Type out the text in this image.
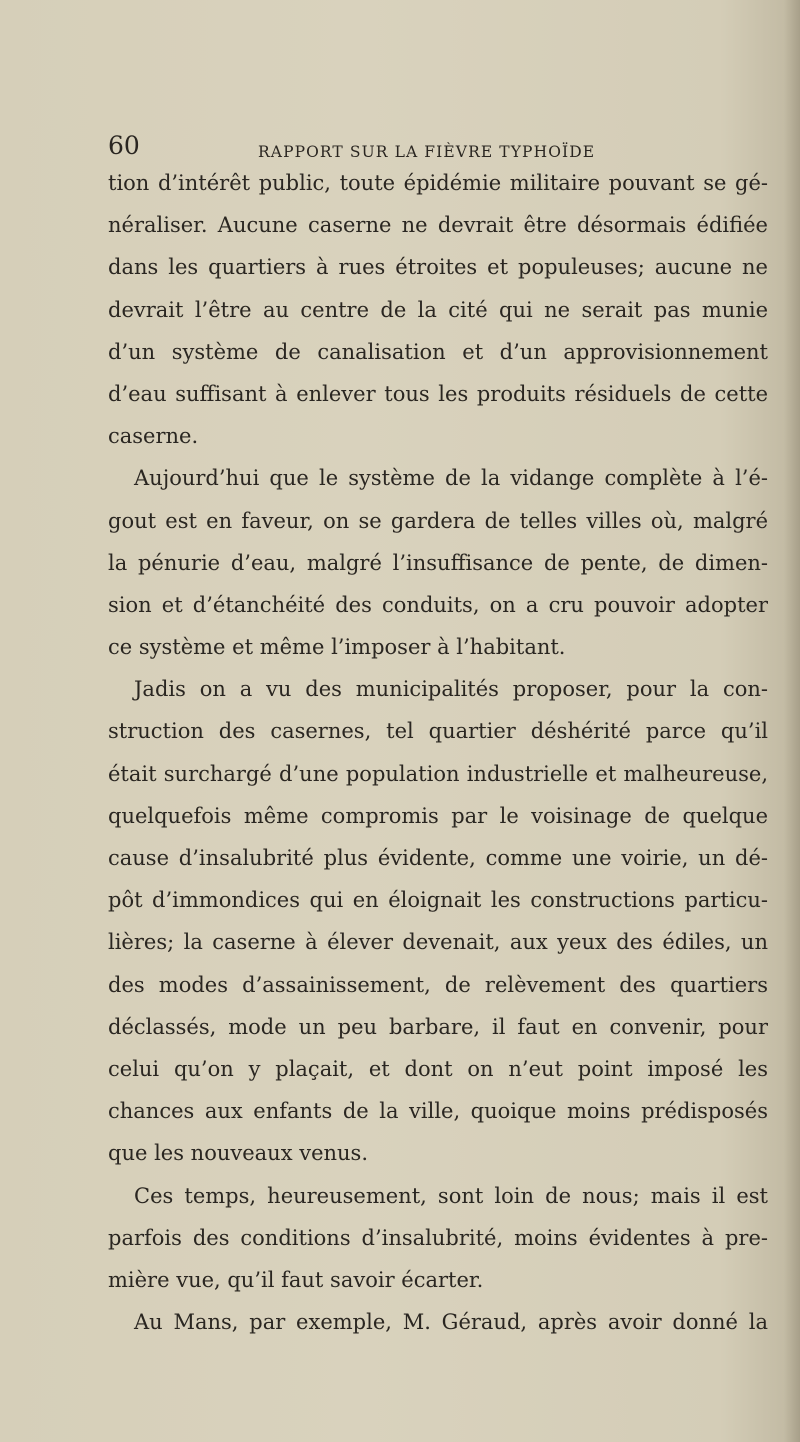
60	RAPPORT SUR LA FIÈVRE TYPHOÏDE
tion d’intérêt public, toute épidémie militaire pouvant se gé-
néraliser. Aucune caserne ne devrait être désormais édifiée
dans les quartiers à rues étroites et populeuses; aucune ne
devrait l’être au centre de la cité qui ne serait pas munie
d’un système de canalisation et d’un approvisionnement
d’eau suffisant à enlever tous les produits résiduels de cette
caserne.
Aujourd’hui que le système de la vidange complète à l’é-
gout est en faveur, on se gardera de telles villes où, malgré
la pénurie d’eau, malgré l’insuffisance de pente, de dimen-
sion et d’étanchéité des conduits, on a cru pouvoir adopter
ce système et même l’imposer à l’habitant.
Jadis on a vu des municipalités proposer, pour la con-
struction des casernes, tel quartier déshérité parce qu’il
était surchargé d’une population industrielle et malheureuse,
quelquefois même compromis par le voisinage de quelque
cause d’insalubrité plus évidente, comme une voirie, un dé-
pôt d’immondices qui en éloignait les constructions particu-
lières; la caserne à élever devenait, aux yeux des édiles, un
des modes d’assainissement, de relèvement des quartiers
déclassés, mode un peu barbare, il faut en convenir, pour
celui qu’on y plaçait, et dont on n’eut point imposé les
chances aux enfants de la ville, quoique moins prédisposés
que les nouveaux venus.
Ces temps, heureusement, sont loin de nous; mais il est
parfois des conditions d’insalubrité, moins évidentes à pre-
mière vue, qu’il faut savoir écarter.
Au Mans, par exemple, M. Géraud, après avoir donné la
